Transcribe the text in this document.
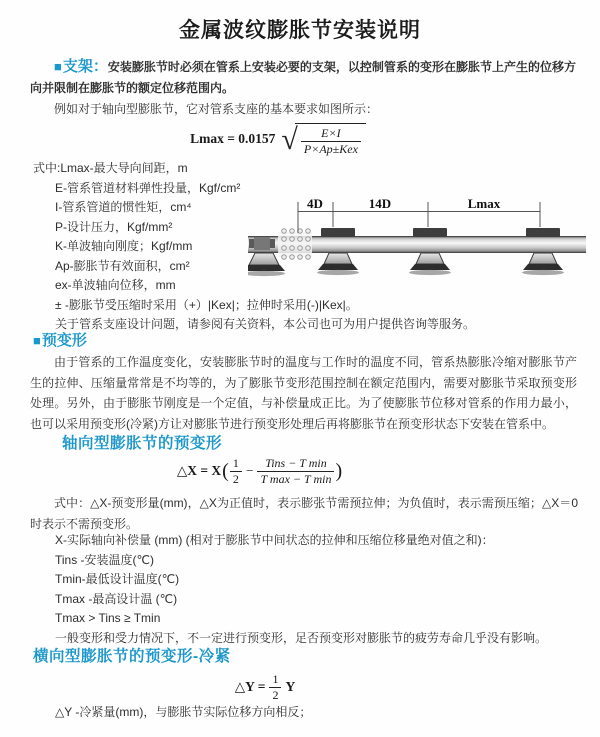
金属波纹膨胀节安装说明
■支架：安装膨胀节时必须在管系上安装必要的支架，以控制管系的变形在膨胀节上产生的位移方向并限制在膨胀节的额定位移范围内。
例如对于轴向型膨胀节，它对管系支座的基本要求如图所示：
Lmax = 0.0157 √ $\frac{E\times I}{\text{P×Ap±Kex}}$
式中:Lmax-最大导向间距，m
E-管系管道材料弹性投量，Kgf/cm²
I-管系管道的惯性矩，cm⁴
P-设计压力，Kgf/mm²
K-单波轴向刚度；Kgf/mm
Ap-膨胀节有效面积，cm²
ex-单波轴向位移，mm
± -膨胀节受压缩时采用（+）|Kex|；拉伸时采用(-)|Kex|。
关于管系支座设计问题，请参阅有关资料，本公司也可为用户提供咨询等服务。
4D	14D	Lmax
■预变形
由于管系的工作温度变化，安装膨胀节时的温度与工作时的温度不同，管系热膨胀冷缩对膨胀节产生的拉伸、压缩量常常是不均等的，为了膨胀节变形范围控制在额定范围内，需要对膨胀节采取预变形处理。另外，由于膨胀节刚度是一个定值，与补偿量成正比。为了使膨胀节位移对管系的作用力最小，也可以采用预变形(冷紧)方让对膨胀节进行预变形处理后再将膨胀节在预变形状态下安装在管系中。
轴向型膨胀节的预变形
△X = X ( $\frac{1}{2} - \frac{\text{Tins − T min}}{\text{T max − T min}}$ )
式中：△X-预变形量(mm)，△X为正值时，表示膨张节需预拉伸；为负值时，表示需预压缩；△X＝0时表示不需预变形。
X-实际轴向补偿量 (mm) (相对于膨胀节中间状态的拉伸和压缩位移量绝对值之和)：
Tins -安装温度(℃)
Tmin-最低设计温度(℃)
Tmax -最高设计温 (℃)
Tmax > Tins ≥ Tmin
一般变形和受力情况下，不一定进行预变形，足否预变形对膨胀节的疲劳寿命几乎没有影响。
横向型膨胀节的预变形-冷紧
△Y = $\frac{1}{2}$ Y
△Y -冷紧量(mm)，与膨胀节实际位移方向相反；
